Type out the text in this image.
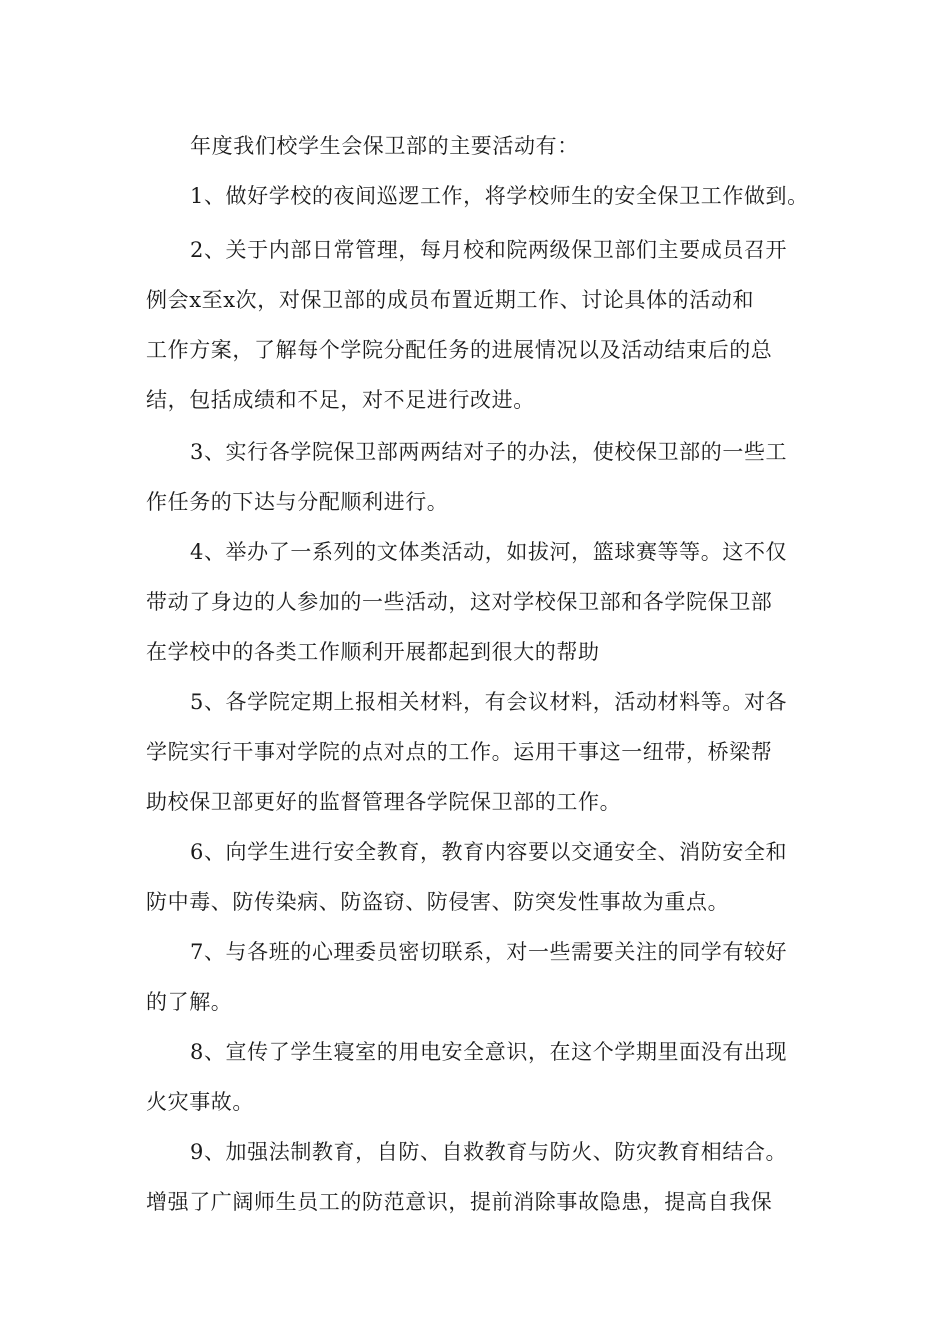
年度我们校学生会保卫部的主要活动有：
1、做好学校的夜间巡逻工作，将学校师生的安全保卫工作做到。
2、关于内部日常管理，每月校和院两级保卫部们主要成员召开
例会x至x次，对保卫部的成员布置近期工作、讨论具体的活动和
工作方案，了解每个学院分配任务的进展情况以及活动结束后的总
结，包括成绩和不足，对不足进行改进。
3、实行各学院保卫部两两结对子的办法，使校保卫部的一些工
作任务的下达与分配顺利进行。
4、举办了一系列的文体类活动，如拔河，篮球赛等等。这不仅
带动了身边的人参加的一些活动，这对学校保卫部和各学院保卫部
在学校中的各类工作顺利开展都起到很大的帮助
5、各学院定期上报相关材料，有会议材料，活动材料等。对各
学院实行干事对学院的点对点的工作。运用干事这一纽带，桥梁帮
助校保卫部更好的监督管理各学院保卫部的工作。
6、向学生进行安全教育，教育内容要以交通安全、消防安全和
防中毒、防传染病、防盗窃、防侵害、防突发性事故为重点。
7、与各班的心理委员密切联系，对一些需要关注的同学有较好
的了解。
8、宣传了学生寝室的用电安全意识，在这个学期里面没有出现
火灾事故。
9、加强法制教育，自防、自救教育与防火、防灾教育相结合。
增强了广阔师生员工的防范意识，提前消除事故隐患，提高自我保
